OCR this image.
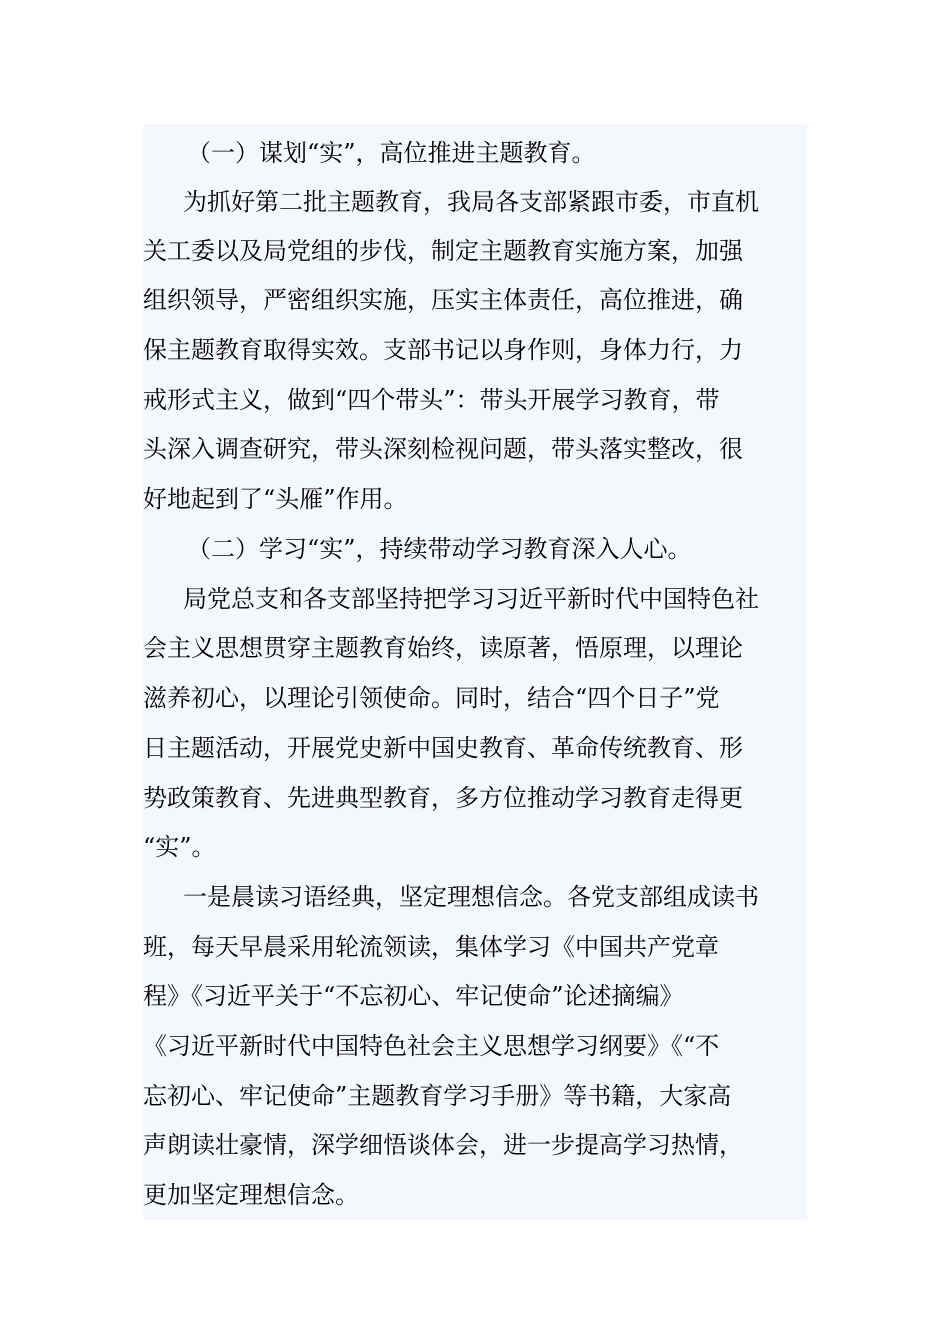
（一）谋划“实”，高位推进主题教育。
为抓好第二批主题教育，我局各支部紧跟市委，市直机
关工委以及局党组的步伐，制定主题教育实施方案，加强
组织领导，严密组织实施，压实主体责任，高位推进，确
保主题教育取得实效。支部书记以身作则，身体力行，力
戒形式主义，做到“四个带头”：带头开展学习教育，带
头深入调查研究，带头深刻检视问题，带头落实整改，很
好地起到了“头雁”作用。
（二）学习“实”，持续带动学习教育深入人心。
局党总支和各支部坚持把学习习近平新时代中国特色社
会主义思想贯穿主题教育始终，读原著，悟原理，以理论
滋养初心，以理论引领使命。同时，结合“四个日子”党
日主题活动，开展党史新中国史教育、革命传统教育、形
势政策教育、先进典型教育，多方位推动学习教育走得更
“实”。
一是晨读习语经典，坚定理想信念。各党支部组成读书
班，每天早晨采用轮流领读，集体学习《中国共产党章
程》《习近平关于“不忘初心、牢记使命”论述摘编》
《习近平新时代中国特色社会主义思想学习纲要》《“不
忘初心、牢记使命”主题教育学习手册》等书籍，大家高
声朗读壮豪情，深学细悟谈体会，进一步提高学习热情，
更加坚定理想信念。
